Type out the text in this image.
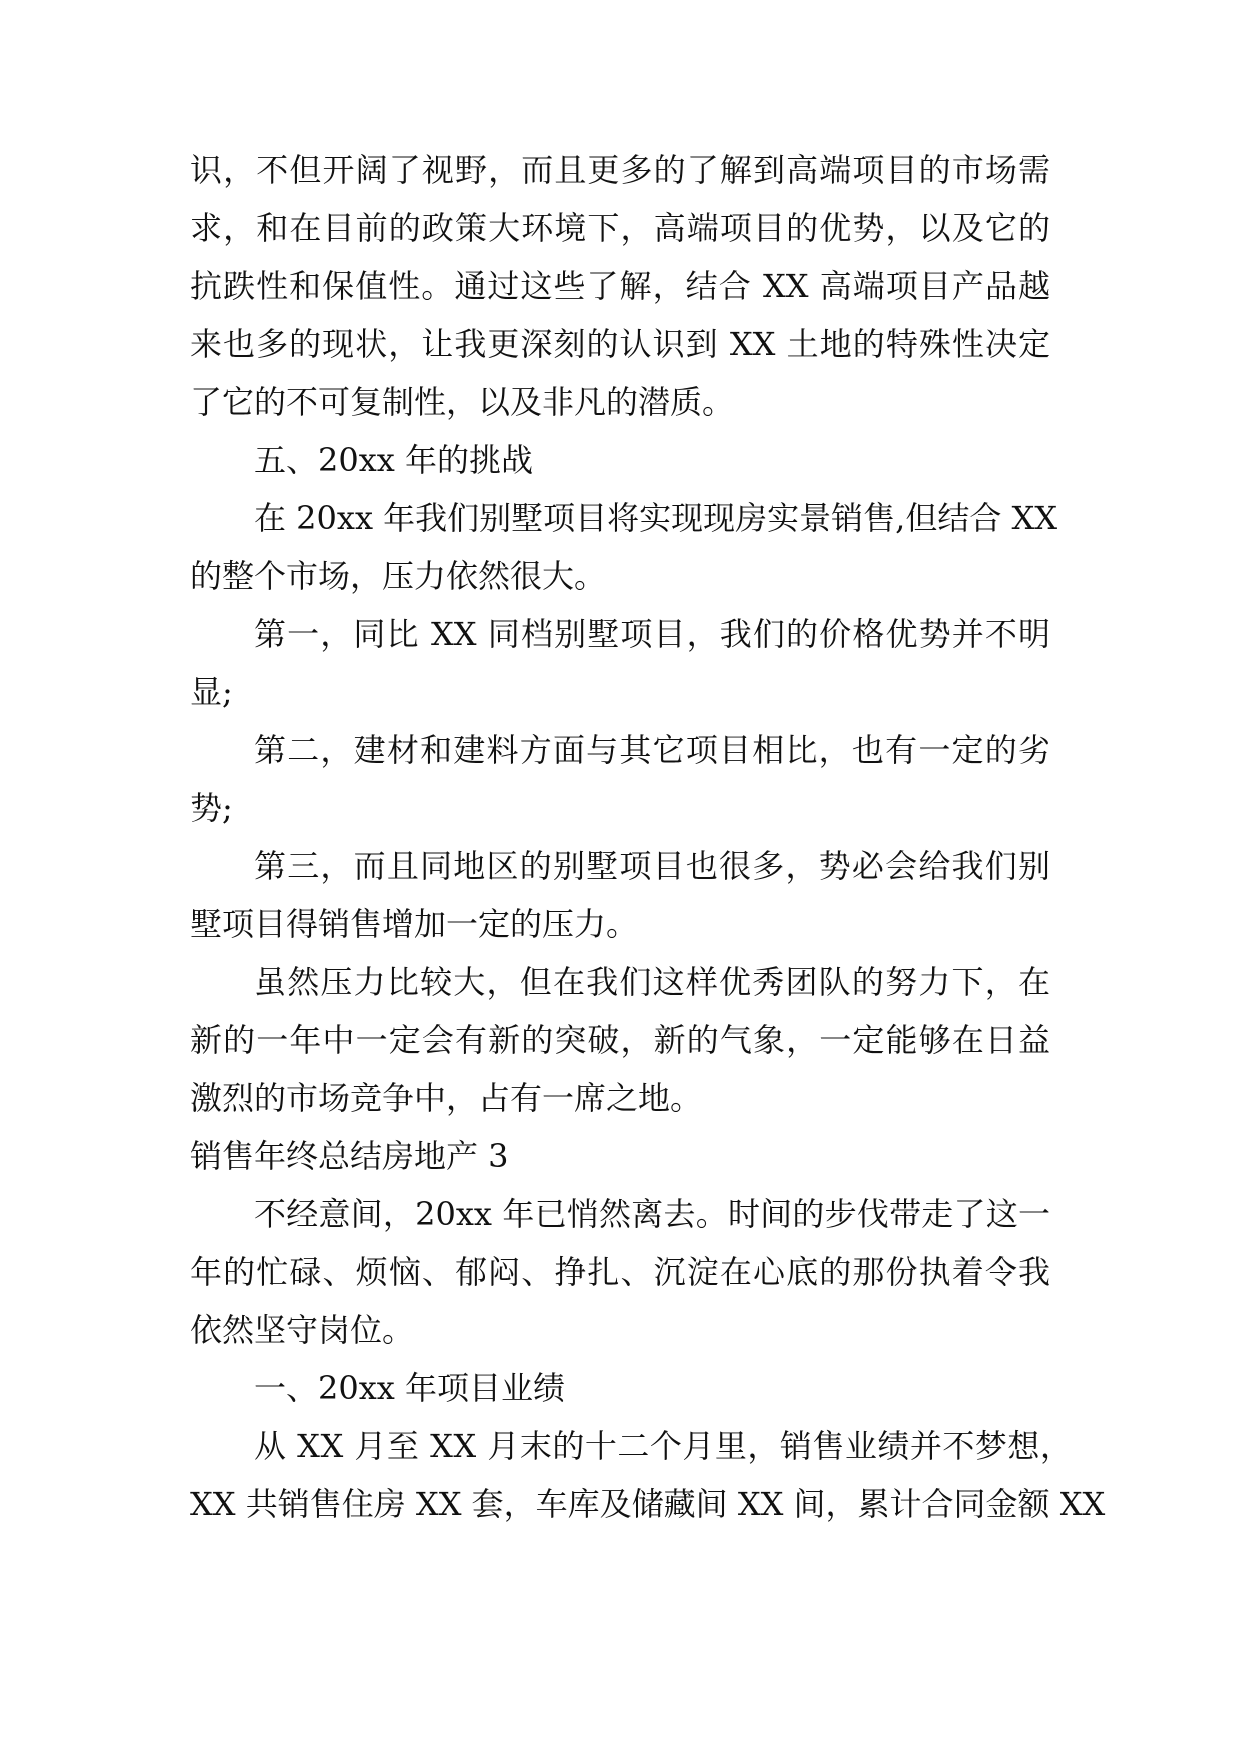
识，不但开阔了视野，而且更多的了解到高端项目的市场需
求，和在目前的政策大环境下，高端项目的优势，以及它的
抗跌性和保值性。通过这些了解，结合 XX 高端项目产品越
来也多的现状，让我更深刻的认识到 XX 土地的特殊性决定
了它的不可复制性，以及非凡的潜质。
五、20xx 年的挑战
在 20xx 年我们别墅项目将实现现房实景销售,但结合 XX
的整个市场，压力依然很大。
第一，同比 XX 同档别墅项目，我们的价格优势并不明
显;
第二，建材和建料方面与其它项目相比，也有一定的劣
势;
第三，而且同地区的别墅项目也很多，势必会给我们别
墅项目得销售增加一定的压力。
虽然压力比较大，但在我们这样优秀团队的努力下，在
新的一年中一定会有新的突破，新的气象，一定能够在日益
激烈的市场竞争中，占有一席之地。
销售年终总结房地产 3
不经意间，20xx 年已悄然离去。时间的步伐带走了这一
年的忙碌、烦恼、郁闷、挣扎、沉淀在心底的那份执着令我
依然坚守岗位。
一、20xx 年项目业绩
从 XX 月至 XX 月末的十二个月里，销售业绩并不梦想，
XX 共销售住房 XX 套，车库及储藏间 XX 间，累计合同金额 XX
